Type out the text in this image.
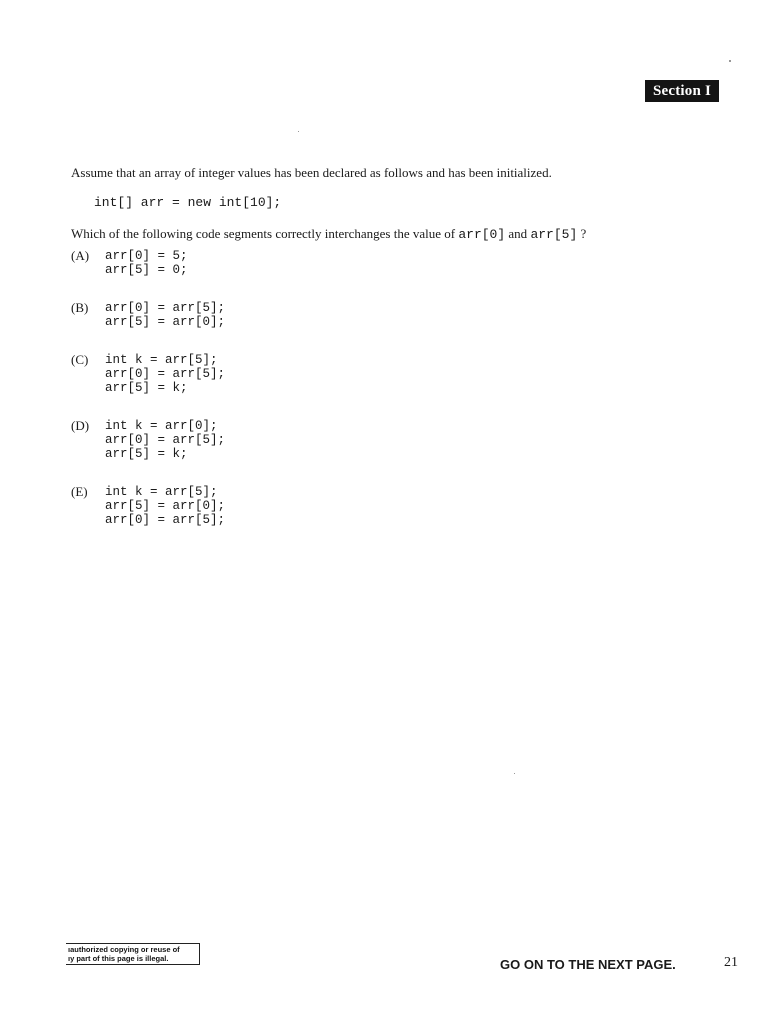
Section I
Assume that an array of integer values has been declared as follows and has been initialized.
int[] arr = new int[10];
Which of the following code segments correctly interchanges the value of arr[0] and arr[5] ?
(A) arr[0] = 5;
arr[5] = 0;
(B) arr[0] = arr[5];
arr[5] = arr[0];
(C) int k = arr[5];
arr[0] = arr[5];
arr[5] = k;
(D) int k = arr[0];
arr[0] = arr[5];
arr[5] = k;
(E) int k = arr[5];
arr[5] = arr[0];
arr[0] = arr[5];
ıauthorized copying or reuse of
ıy part of this page is illegal.	GO ON TO THE NEXT PAGE.	21
